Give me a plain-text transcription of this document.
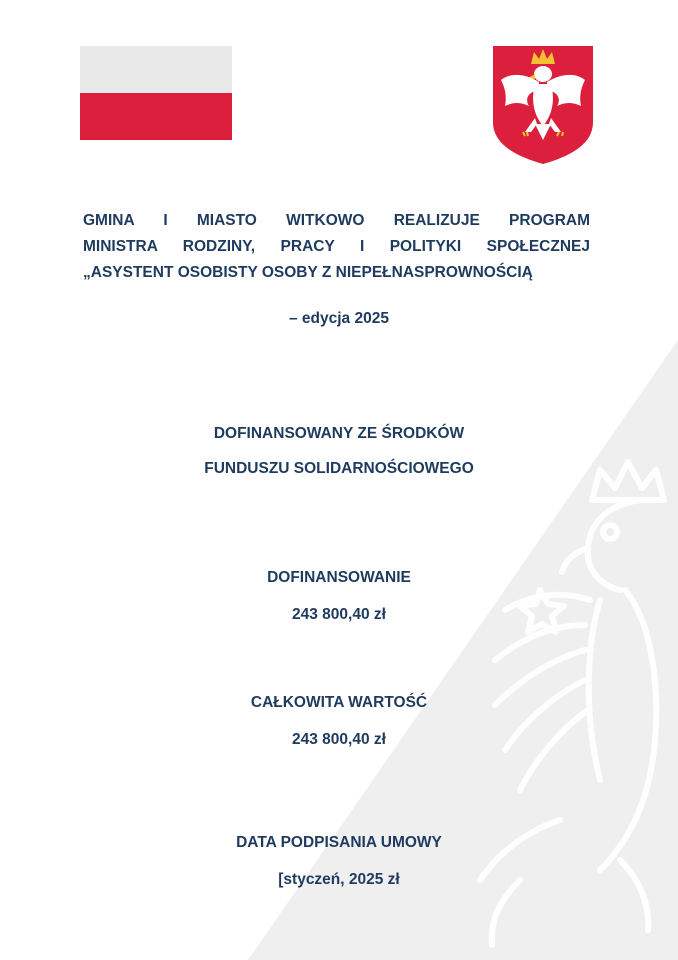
GMINA I MIASTO WITKOWO REALIZUJE PROGRAM
MINISTRA RODZINY, PRACY I POLITYKI SPOŁECZNEJ
„ASYSTENT OSOBISTY OSOBY Z NIEPEŁNASPROWNOŚCIĄ
– edycja 2025
DOFINANSOWANY ZE ŚRODKÓW
FUNDUSZU SOLIDARNOŚCIOWEGO
DOFINANSOWANIE
243 800,40 zł
CAŁKOWITA WARTOŚĆ
243 800,40 zł
DATA PODPISANIA UMOWY
[styczeń, 2025 zł
